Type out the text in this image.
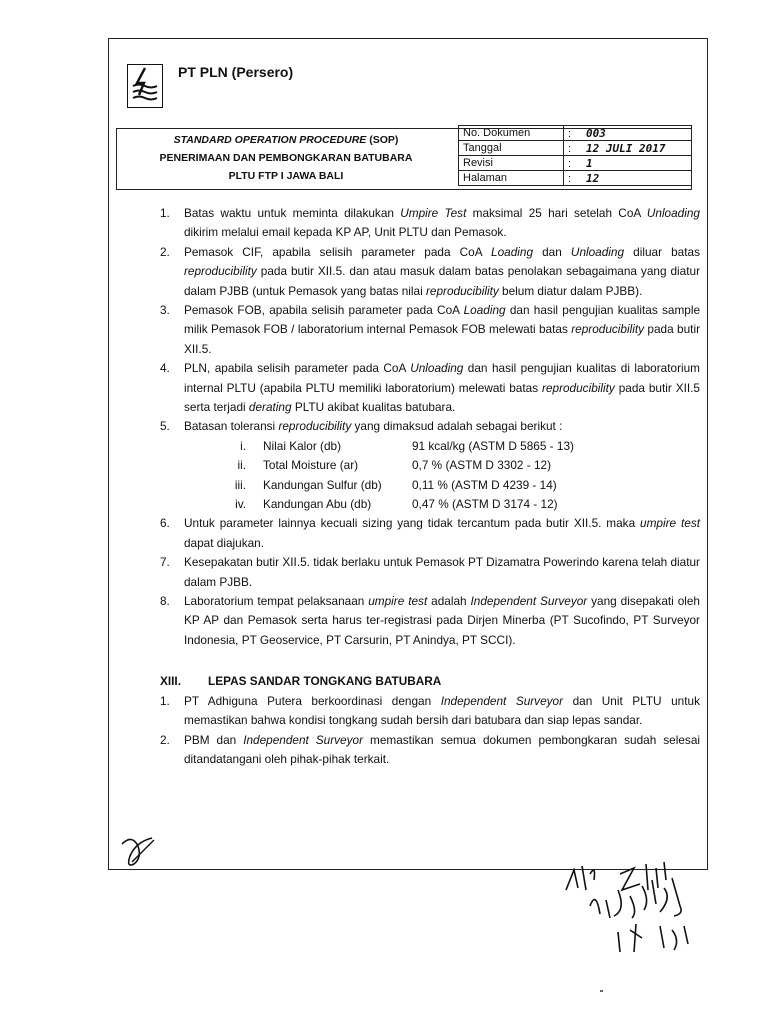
PT PLN (Persero)
STANDARD OPERATION PROCEDURE (SOP)
PENERIMAAN DAN PEMBONGKARAN BATUBARA
PLTU FTP I JAWA BALI
No. Dokumen	: 003
Tanggal	: 12 JULI 2017
Revisi	: 1
Halaman	: 12

1. Batas waktu untuk meminta dilakukan Umpire Test maksimal 25 hari setelah CoA Unloading dikirim melalui email kepada KP AP, Unit PLTU dan Pemasok.

2. Pemasok CIF, apabila selisih parameter pada CoA Loading dan Unloading diluar batas reproducibility pada butir XII.5. dan atau masuk dalam batas penolakan sebagaimana yang diatur dalam PJBB (untuk Pemasok yang batas nilai reproducibility belum diatur dalam PJBB).

3. Pemasok FOB, apabila selisih parameter pada CoA Loading dan hasil pengujian kualitas sample milik Pemasok FOB / laboratorium internal Pemasok FOB melewati batas reproducibility pada butir XII.5.

4. PLN, apabila selisih parameter pada CoA Unloading dan hasil pengujian kualitas di laboratorium internal PLTU (apabila PLTU memiliki laboratorium) melewati batas reproducibility pada butir XII.5 serta terjadi derating PLTU akibat kualitas batubara.

5. Batasan toleransi reproducibility yang dimaksud adalah sebagai berikut :

i. Nilai Kalor (db)	91 kcal/kg (ASTM D 5865 - 13)
ii. Total Moisture (ar)	0,7 % (ASTM D 3302 - 12)
iii. Kandungan Sulfur (db)	0,11 % (ASTM D 4239 - 14)
iv. Kandungan Abu (db)	0,47 % (ASTM D 3174 - 12)

6. Untuk parameter lainnya kecuali sizing yang tidak tercantum pada butir XII.5. maka umpire test dapat diajukan.

7. Kesepakatan butir XII.5. tidak berlaku untuk Pemasok PT Dizamatra Powerindo karena telah diatur dalam PJBB.

8. Laboratorium tempat pelaksanaan umpire test adalah Independent Surveyor yang disepakati oleh KP AP dan Pemasok serta harus ter-registrasi pada Dirjen Minerba (PT Sucofindo, PT Surveyor Indonesia, PT Geoservice, PT Carsurin, PT Anindya, PT SCCI).

XIII. LEPAS SANDAR TONGKANG BATUBARA

1. PT Adhiguna Putera berkoordinasi dengan Independent Surveyor dan Unit PLTU untuk memastikan bahwa kondisi tongkang sudah bersih dari batubara dan siap lepas sandar.

2. PBM dan Independent Surveyor memastikan semua dokumen pembongkaran sudah selesai ditandatangani oleh pihak-pihak terkait.
